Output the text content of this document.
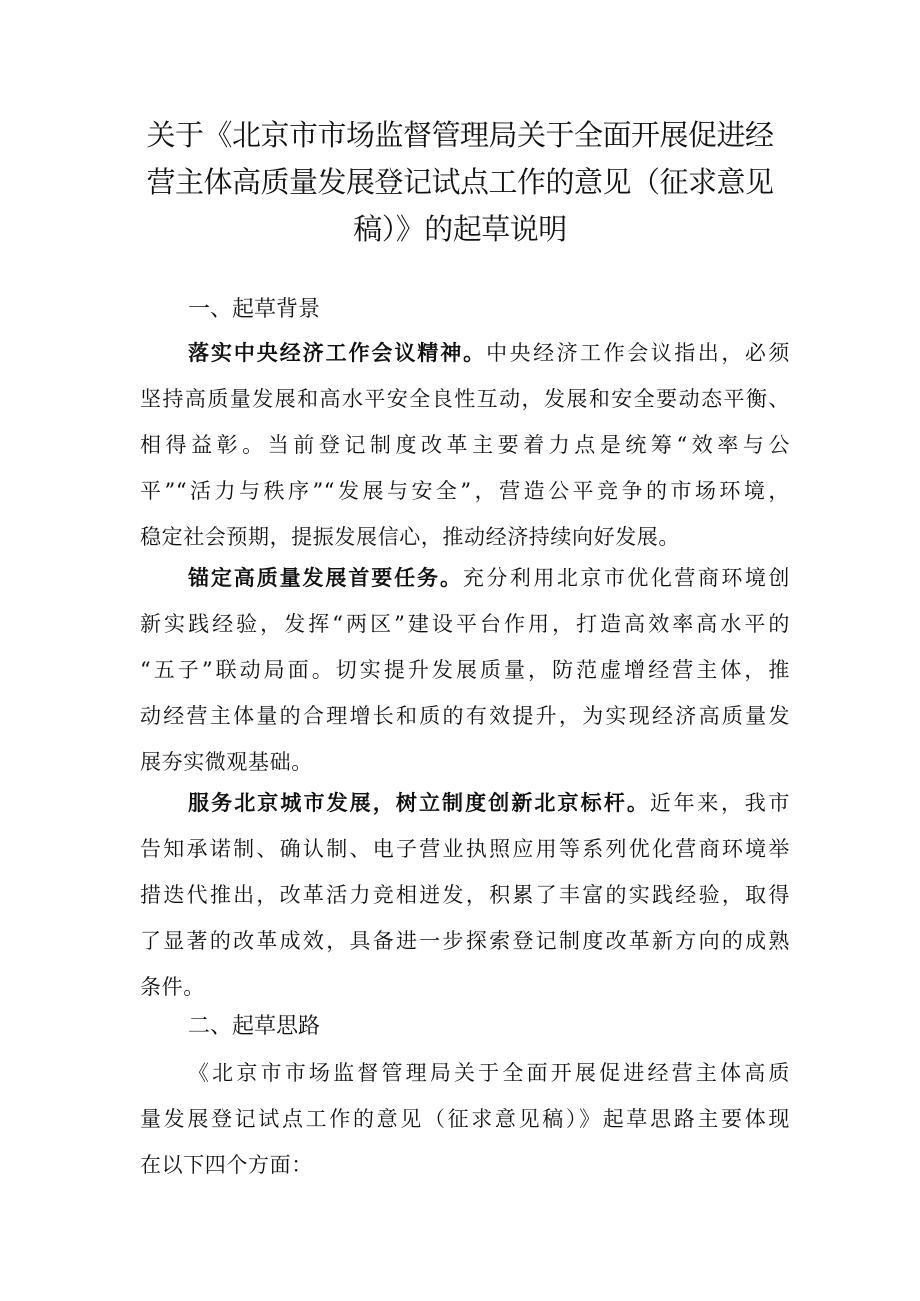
关于《北京市市场监督管理局关于全面开展促进经
营主体高质量发展登记试点工作的意见（征求意见
稿）》的起草说明
一、起草背景

落实中央经济工作会议精神。中央经济工作会议指出，必须
坚持高质量发展和高水平安全良性互动，发展和安全要动态平衡、
相得益彰。当前登记制度改革主要着力点是统筹“效率与公
平”“活力与秩序”“发展与安全”，营造公平竞争的市场环境，
稳定社会预期，提振发展信心，推动经济持续向好发展。

锚定高质量发展首要任务。充分利用北京市优化营商环境创
新实践经验，发挥“两区”建设平台作用，打造高效率高水平的
“五子”联动局面。切实提升发展质量，防范虚增经营主体，推
动经营主体量的合理增长和质的有效提升，为实现经济高质量发
展夯实微观基础。

服务北京城市发展，树立制度创新北京标杆。近年来，我市
告知承诺制、确认制、电子营业执照应用等系列优化营商环境举
措迭代推出，改革活力竞相迸发，积累了丰富的实践经验，取得
了显著的改革成效，具备进一步探索登记制度改革新方向的成熟
条件。

二、起草思路

《北京市市场监督管理局关于全面开展促进经营主体高质
量发展登记试点工作的意见（征求意见稿）》起草思路主要体现
在以下四个方面：
